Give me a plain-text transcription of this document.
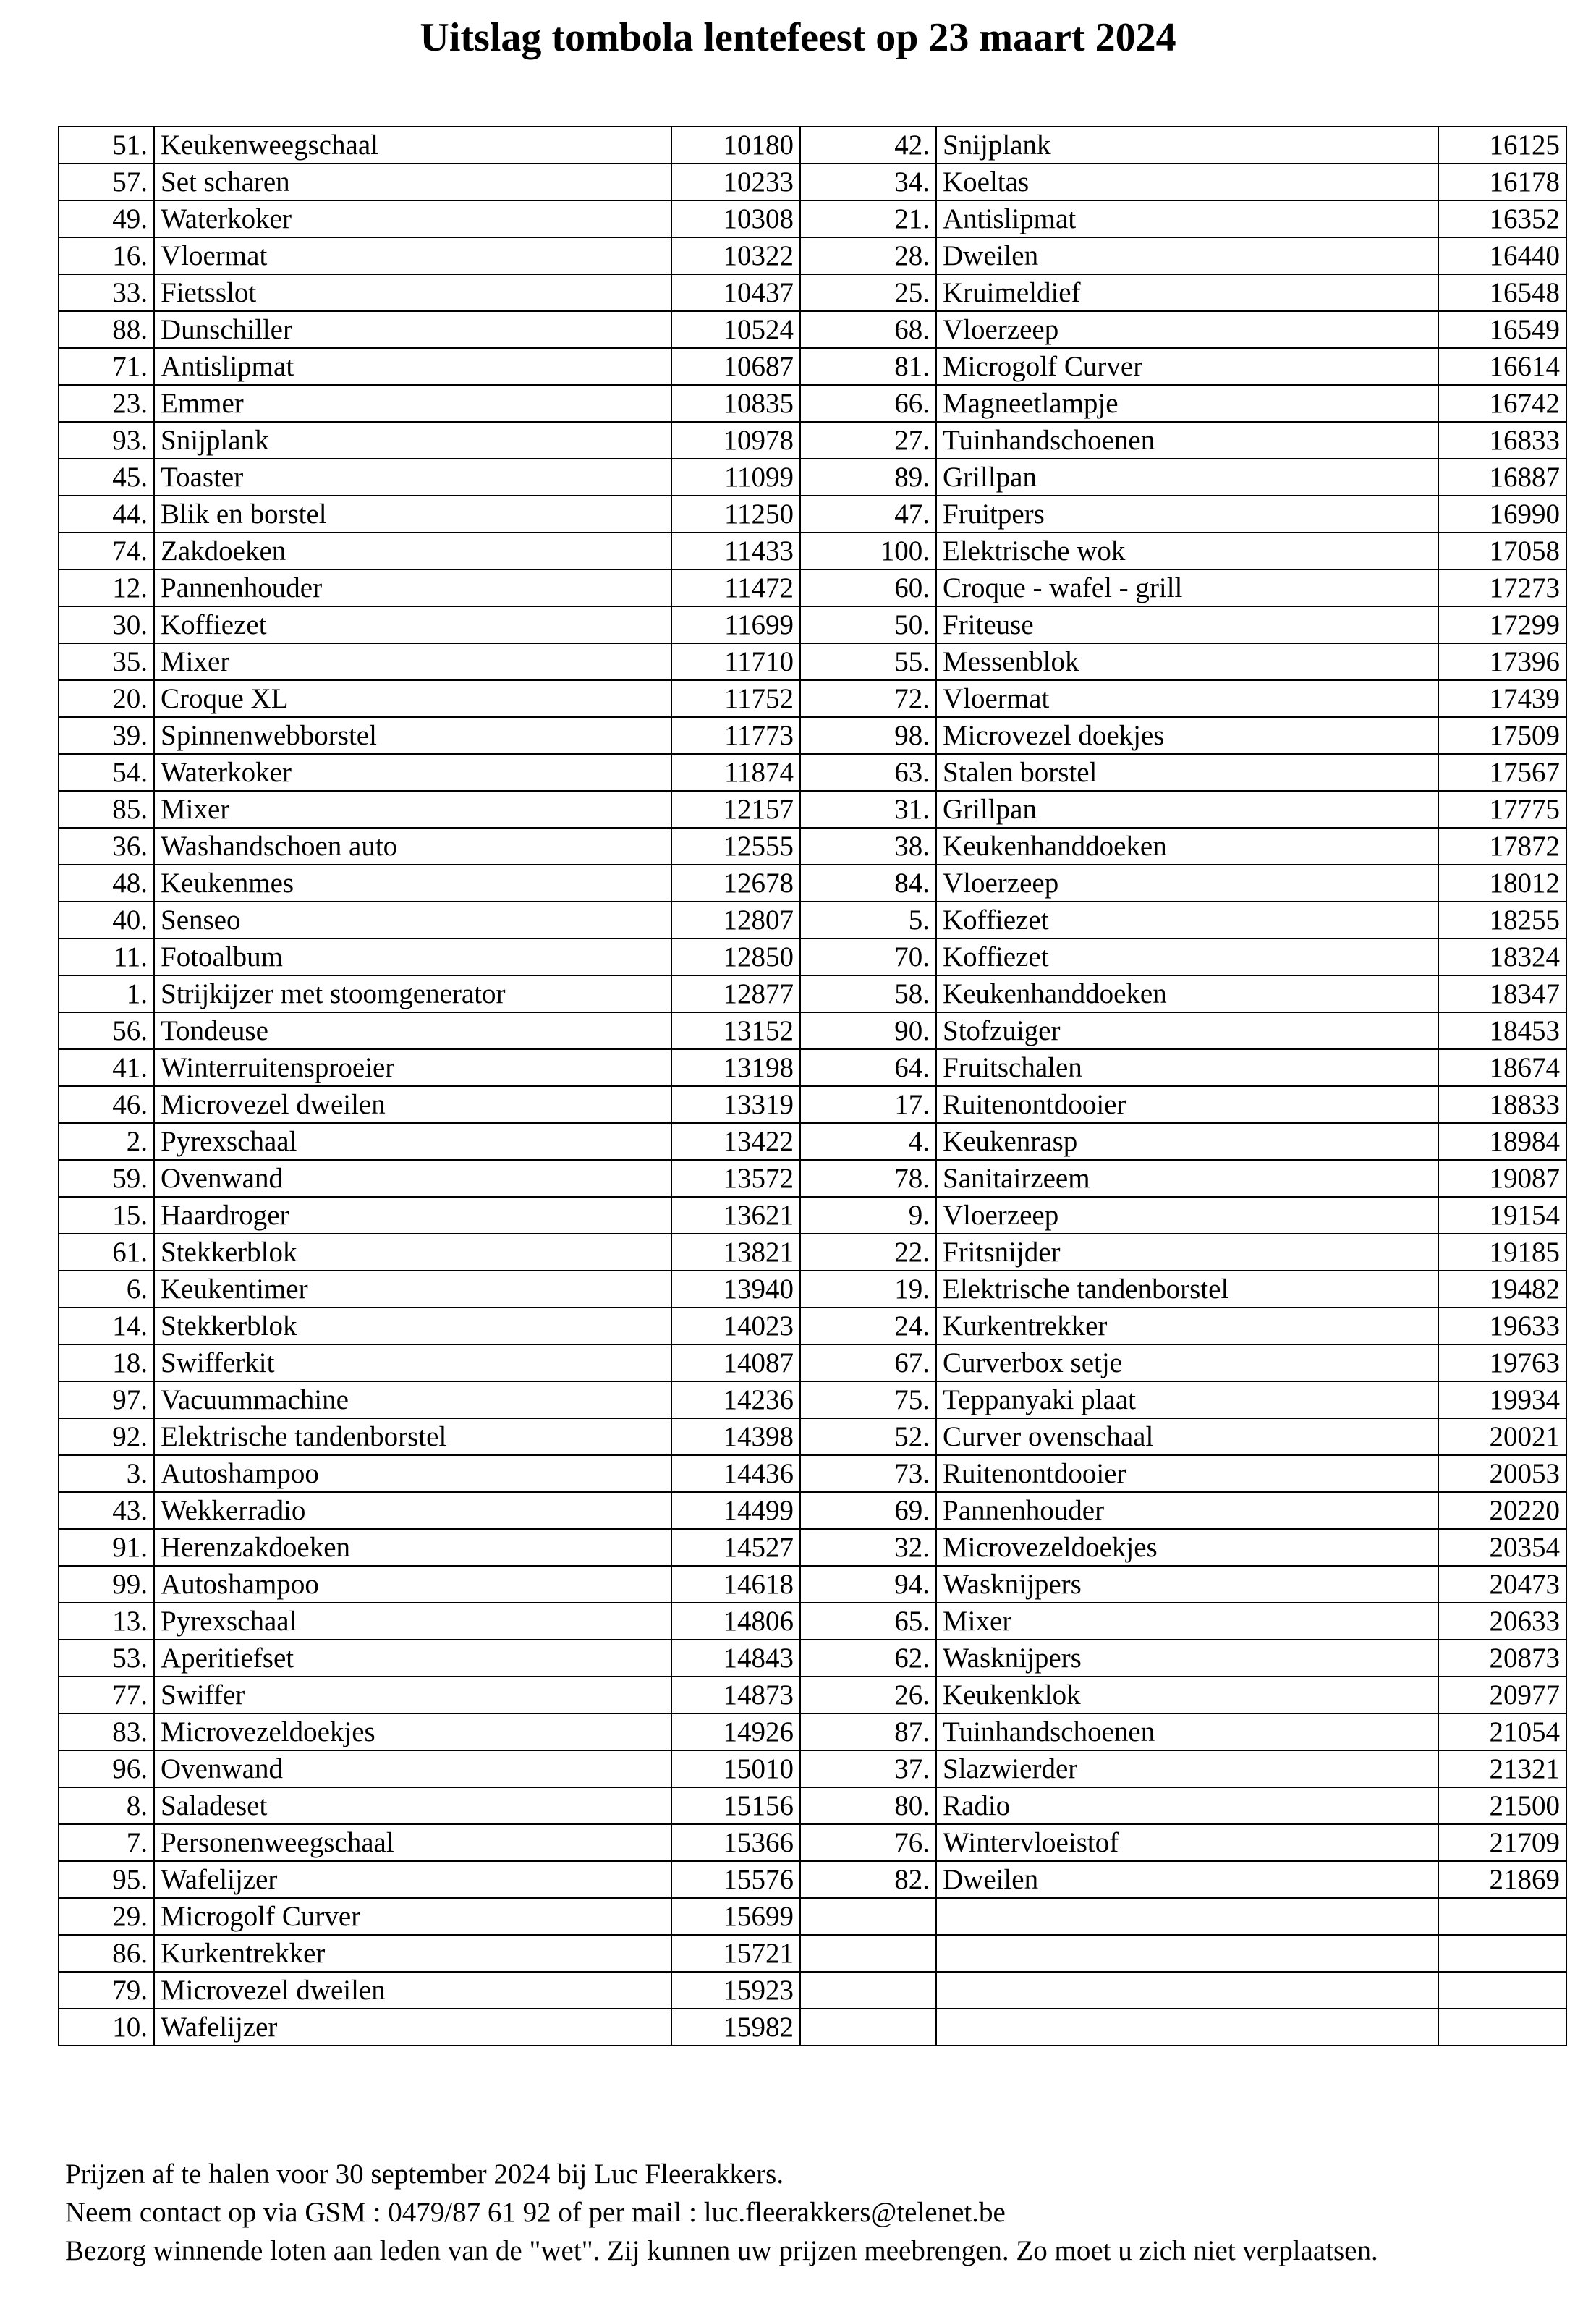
Uitslag tombola lentefeest op 23 maart 2024
51.	Keukenweegschaal	10180	42.	Snijplank	16125
57.	Set scharen	10233	34.	Koeltas	16178
49.	Waterkoker	10308	21.	Antislipmat	16352
16.	Vloermat	10322	28.	Dweilen	16440
33.	Fietsslot	10437	25.	Kruimeldief	16548
88.	Dunschiller	10524	68.	Vloerzeep	16549
71.	Antislipmat	10687	81.	Microgolf Curver	16614
23.	Emmer	10835	66.	Magneetlampje	16742
93.	Snijplank	10978	27.	Tuinhandschoenen	16833
45.	Toaster	11099	89.	Grillpan	16887
44.	Blik en borstel	11250	47.	Fruitpers	16990
74.	Zakdoeken	11433	100.	Elektrische wok	17058
12.	Pannenhouder	11472	60.	Croque - wafel - grill	17273
30.	Koffiezet	11699	50.	Friteuse	17299
35.	Mixer	11710	55.	Messenblok	17396
20.	Croque XL	11752	72.	Vloermat	17439
39.	Spinnenwebborstel	11773	98.	Microvezel doekjes	17509
54.	Waterkoker	11874	63.	Stalen borstel	17567
85.	Mixer	12157	31.	Grillpan	17775
36.	Washandschoen auto	12555	38.	Keukenhanddoeken	17872
48.	Keukenmes	12678	84.	Vloerzeep	18012
40.	Senseo	12807	5.	Koffiezet	18255
11.	Fotoalbum	12850	70.	Koffiezet	18324
1.	Strijkijzer met stoomgenerator	12877	58.	Keukenhanddoeken	18347
56.	Tondeuse	13152	90.	Stofzuiger	18453
41.	Winterruitensproeier	13198	64.	Fruitschalen	18674
46.	Microvezel dweilen	13319	17.	Ruitenontdooier	18833
2.	Pyrexschaal	13422	4.	Keukenrasp	18984
59.	Ovenwand	13572	78.	Sanitairzeem	19087
15.	Haardroger	13621	9.	Vloerzeep	19154
61.	Stekkerblok	13821	22.	Fritsnijder	19185
6.	Keukentimer	13940	19.	Elektrische tandenborstel	19482
14.	Stekkerblok	14023	24.	Kurkentrekker	19633
18.	Swifferkit	14087	67.	Curverbox setje	19763
97.	Vacuummachine	14236	75.	Teppanyaki plaat	19934
92.	Elektrische tandenborstel	14398	52.	Curver ovenschaal	20021
3.	Autoshampoo	14436	73.	Ruitenontdooier	20053
43.	Wekkerradio	14499	69.	Pannenhouder	20220
91.	Herenzakdoeken	14527	32.	Microvezeldoekjes	20354
99.	Autoshampoo	14618	94.	Wasknijpers	20473
13.	Pyrexschaal	14806	65.	Mixer	20633
53.	Aperitiefset	14843	62.	Wasknijpers	20873
77.	Swiffer	14873	26.	Keukenklok	20977
83.	Microvezeldoekjes	14926	87.	Tuinhandschoenen	21054
96.	Ovenwand	15010	37.	Slazwierder	21321
8.	Saladeset	15156	80.	Radio	21500
7.	Personenweegschaal	15366	76.	Wintervloeistof	21709
95.	Wafelijzer	15576	82.	Dweilen	21869
29.	Microgolf Curver	15699			
86.	Kurkentrekker	15721			
79.	Microvezel dweilen	15923			
10.	Wafelijzer	15982			

Prijzen af te halen voor 30 september 2024 bij Luc Fleerakkers.

Neem contact op via GSM : 0479/87 61 92 of per mail : luc.fleerakkers@telenet.be

Bezorg winnende loten aan leden van de "wet". Zij kunnen uw prijzen meebrengen. Zo moet u zich niet verplaatsen.
